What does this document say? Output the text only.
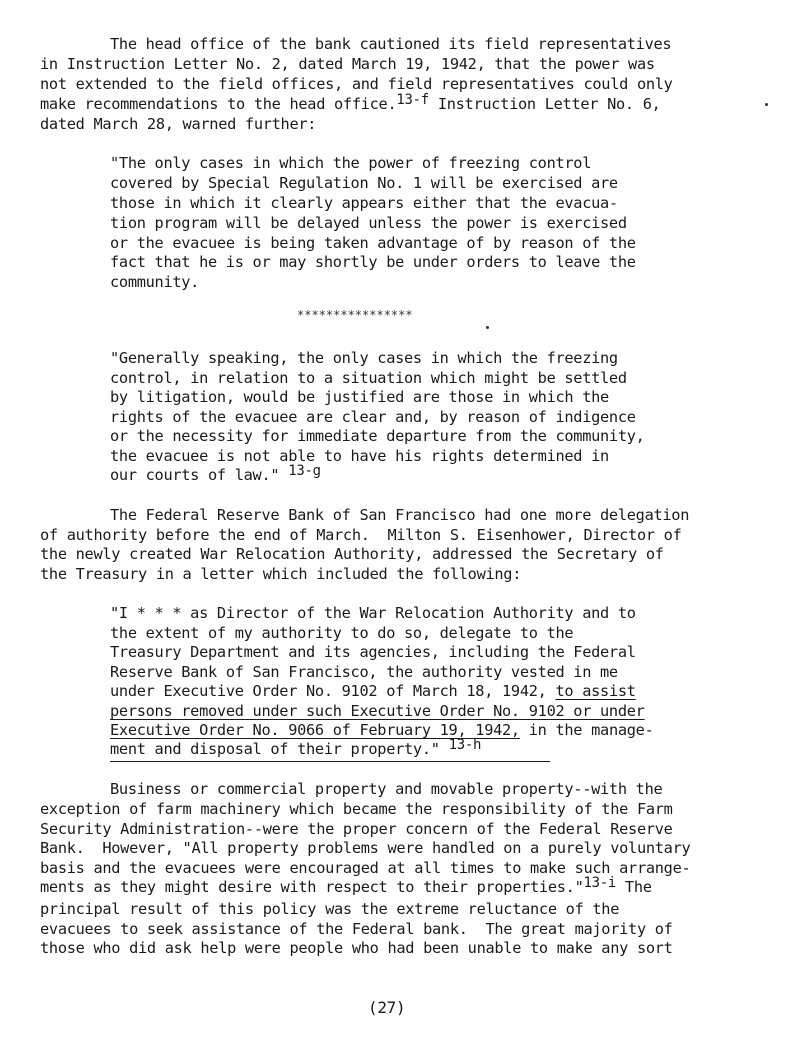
The head office of the bank cautioned its field representatives
in Instruction Letter No. 2, dated March 19, 1942, that the power was
not extended to the field offices, and field representatives could only
make recommendations to the head office.13-f Instruction Letter No. 6,
dated March 28, warned further:
"The only cases in which the power of freezing control
covered by Special Regulation No. 1 will be exercised are
those in which it clearly appears either that the evacua-
tion program will be delayed unless the power is exercised
or the evacuee is being taken advantage of by reason of the
fact that he is or may shortly be under orders to leave the
community.
****************
"Generally speaking, the only cases in which the freezing
control, in relation to a situation which might be settled
by litigation, would be justified are those in which the
rights of the evacuee are clear and, by reason of indigence
or the necessity for immediate departure from the community,
the evacuee is not able to have his rights determined in
our courts of law." 13-g
The Federal Reserve Bank of San Francisco had one more delegation
of authority before the end of March.  Milton S. Eisenhower, Director of
the newly created War Relocation Authority, addressed the Secretary of
the Treasury in a letter which included the following:
"I * * * as Director of the War Relocation Authority and to
the extent of my authority to do so, delegate to the
Treasury Department and its agencies, including the Federal
Reserve Bank of San Francisco, the authority vested in me
under Executive Order No. 9102 of March 18, 1942, to assist
persons removed under such Executive Order No. 9102 or under
Executive Order No. 9066 of February 19, 1942, in the manage-
ment and disposal of their property." 13-h
Business or commercial property and movable property--with the
exception of farm machinery which became the responsibility of the Farm
Security Administration--were the proper concern of the Federal Reserve
Bank.  However, "All property problems were handled on a purely voluntary
basis and the evacuees were encouraged at all times to make such arrange-
ments as they might desire with respect to their properties."13-i The
principal result of this policy was the extreme reluctance of the
evacuees to seek assistance of the Federal bank.  The great majority of
those who did ask help were people who had been unable to make any sort
(27)
